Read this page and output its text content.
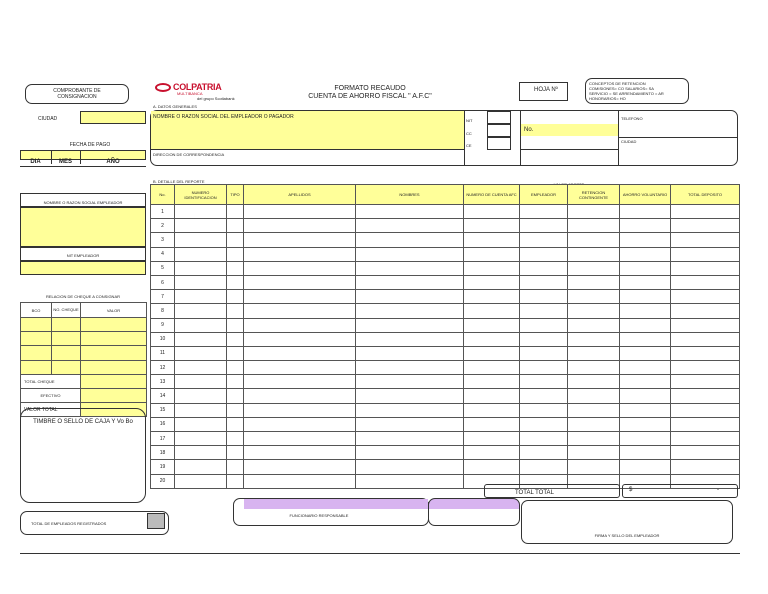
COMPROBANTE DE
CONSIGNACION
CIUDAD
FECHA DE PAGO
DIA	MES	AÑO
COLPATRIA
MULTIBANCA
del grupo Scotiabank
FORMATO RECAUDO
CUENTA DE AHORRO FISCAL " A.F.C"
HOJA Nº
CONCEPTOS DE RETENCION
COMISIONES= CO SALARIOS= SA
SERVICIO = SE ARRENDAMIENTO = AR
HONORARIOS= HO
A. DATOS GENERALES
NOMBRE O RAZON SOCIAL DEL EMPLEADOR O PAGADOR
DIRECCION DE CORRESPONDENCIA
NIT
CC
CE
No.
TELEFONO
CIUDAD
NOMBRE O RAZON SOCIAL EMPLEADOR
NIT EMPLEADOR
RELACION DE CHEQUE A CONSIGNAR
BCO	NO. CHEQUE	VALOR

TOTAL CHEQUE		
EFECTIVO		
VALOR TOTAL		
TIMBRE O SELLO DE CAJA Y Vo Bo
TOTAL DE EMPLEADOS REGISTRADOS
B. DETALLE DEL REPORTE
No.	NUMERO IDENTIFICACION	TIPO	APELLIDOS	NOMBRES	NUMERO DE CUENTA AFC	EMPLEADOR	RETENCION CONTINGENTE	AHORRO VOLUNTARIO	TOTAL DEPOSITO
1									
2									
3									
4									
5									
6									
7									
8									
9									
10									
11									
12									
13									
14									
15									
16									
17									
18									
19									
20									
TOTAL TOTAL	$	-
FUNCIONARIO RESPONSABLE
FIRMA Y SELLO DEL EMPLEADOR
